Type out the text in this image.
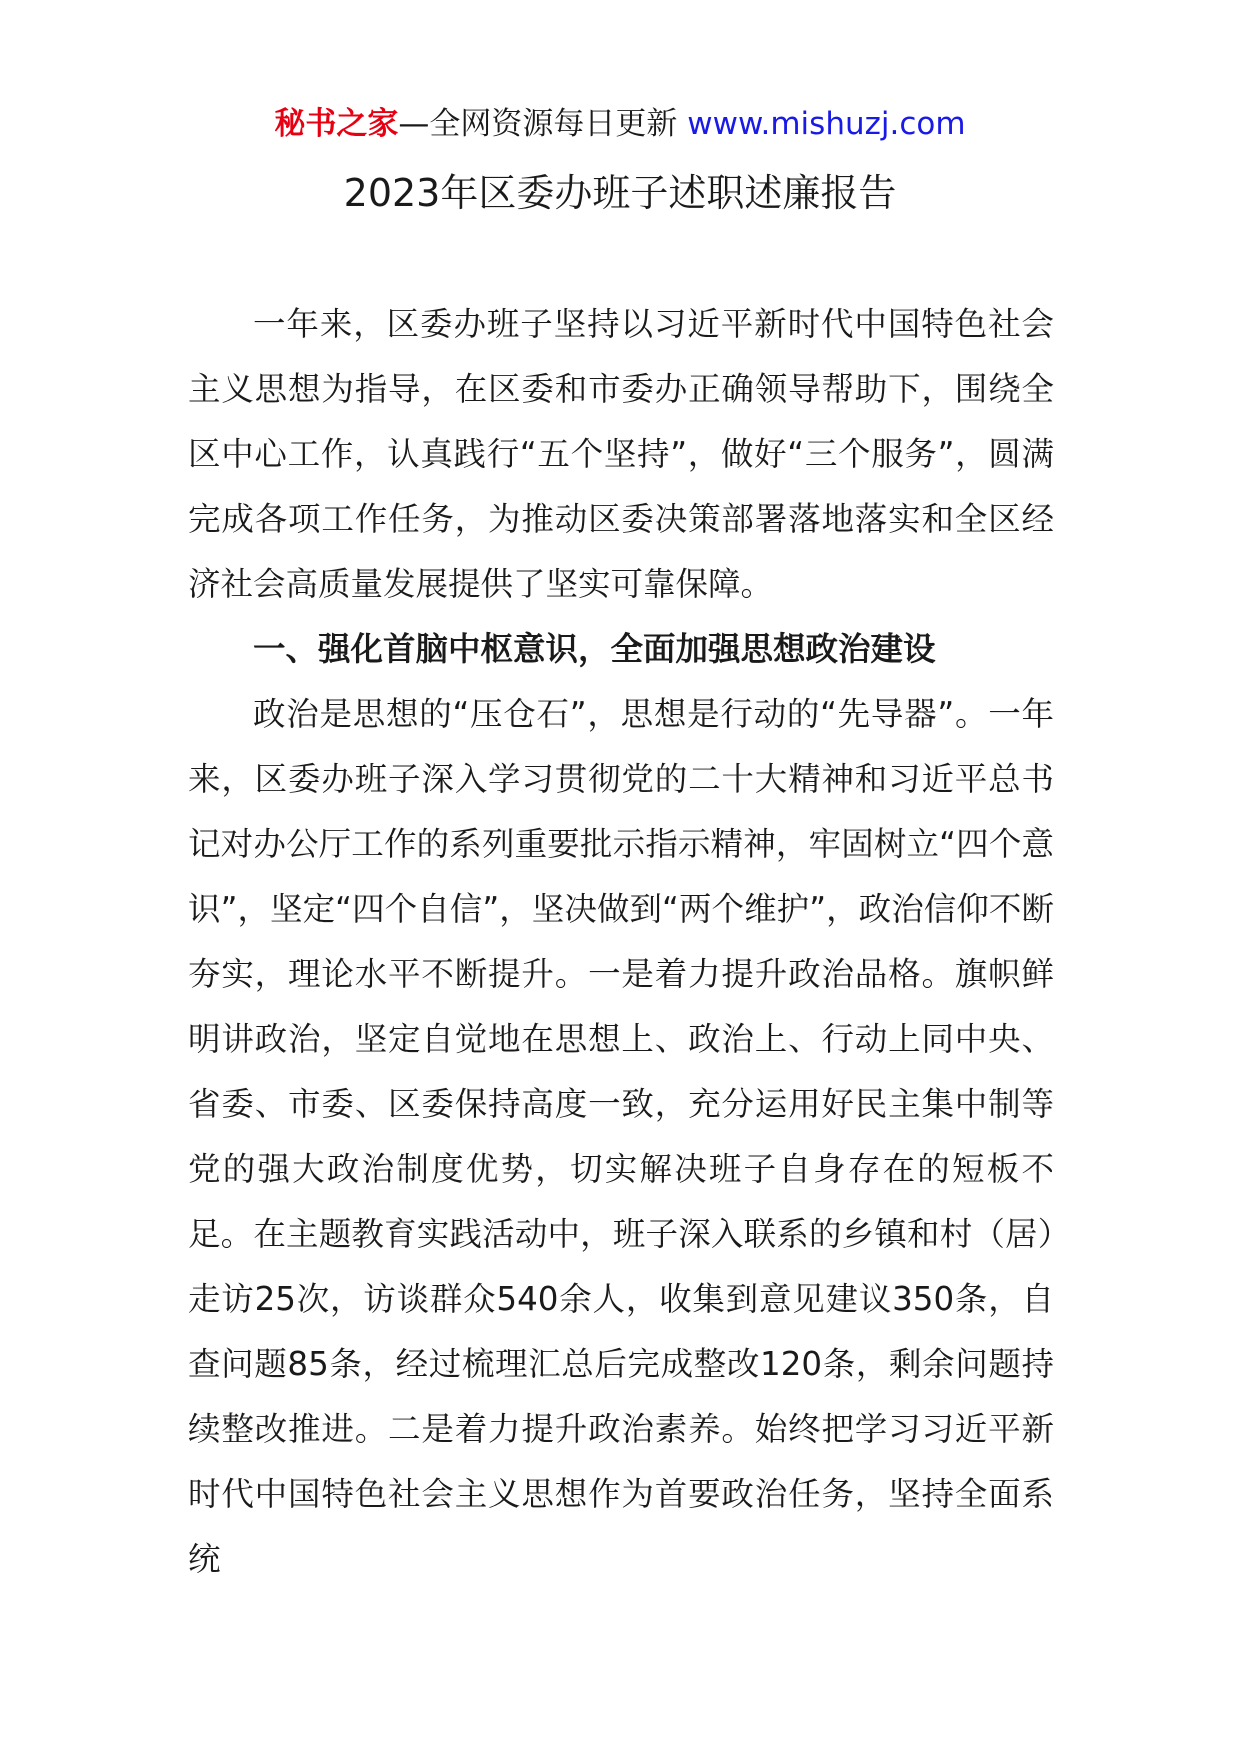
秘书之家—全网资源每日更新 www.mishuzj.com
2023年区委办班子述职述廉报告

一年来，区委办班子坚持以习近平新时代中国特色社会主义思想为指导，在区委和市委办正确领导帮助下，围绕全区中心工作，认真践行“五个坚持”，做好“三个服务”，圆满完成各项工作任务，为推动区委决策部署落地落实和全区经济社会高质量发展提供了坚实可靠保障。

一、强化首脑中枢意识，全面加强思想政治建设

政治是思想的“压仓石”，思想是行动的“先导器”。一年来，区委办班子深入学习贯彻党的二十大精神和习近平总书记对办公厅工作的系列重要批示指示精神，牢固树立“四个意识”，坚定“四个自信”，坚决做到“两个维护”，政治信仰不断夯实，理论水平不断提升。一是着力提升政治品格。旗帜鲜明讲政治，坚定自觉地在思想上、政治上、行动上同中央、省委、市委、区委保持高度一致，充分运用好民主集中制等党的强大政治制度优势，切实解决班子自身存在的短板不足。在主题教育实践活动中，班子深入联系的乡镇和村（居）走访25次，访谈群众540余人，收集到意见建议350条，自查问题85条，经过梳理汇总后完成整改120条，剩余问题持续整改推进。二是着力提升政治素养。始终把学习习近平新时代中国特色社会主义思想作为首要政治任务，坚持全面系统
